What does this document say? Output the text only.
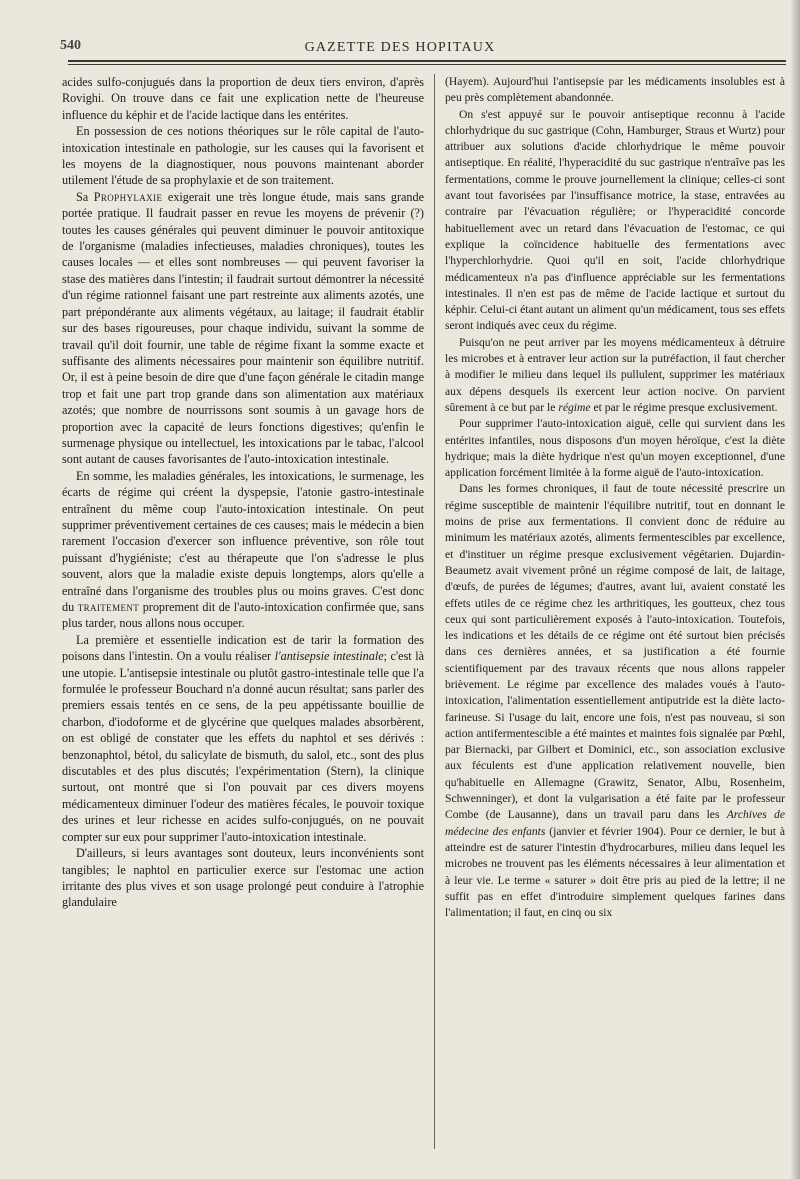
540	GAZETTE DES HOPITAUX

acides sulfo-conjugués dans la proportion de deux tiers environ, d'après Rovighi. On trouve dans ce fait une explication nette de l'heureuse influence du képhir et de l'acide lactique dans les entérites.

En possession de ces notions théoriques sur le rôle capital de l'auto-intoxication intestinale en pathologie, sur les causes qui la favorisent et les moyens de la diagnostiquer, nous pouvons maintenant aborder utilement l'étude de sa prophylaxie et de son traitement.

Sa Prophylaxie exigerait une très longue étude, mais sans grande portée pratique. Il faudrait passer en revue les moyens de prévenir (?) toutes les causes générales qui peuvent diminuer le pouvoir antitoxique de l'organisme (maladies infectieuses, maladies chroniques), toutes les causes locales — et elles sont nombreuses — qui peuvent favoriser la stase des matières dans l'intestin; il faudrait surtout démontrer la nécessité d'un régime rationnel faisant une part restreinte aux aliments azotés, une part prépondérante aux aliments végétaux, au laitage; il faudrait établir sur des bases rigoureuses, pour chaque individu, suivant la somme de travail qu'il doit fournir, une table de régime fixant la somme exacte et suffisante des aliments nécessaires pour maintenir son équilibre nutritif. Or, il est à peine besoin de dire que d'une façon générale le citadin mange trop et fait une part trop grande dans son alimentation aux matériaux azotés; que nombre de nourrissons sont soumis à un gavage hors de proportion avec la capacité de leurs fonctions digestives; qu'enfin le surmenage physique ou intellectuel, les intoxications par le tabac, l'alcool sont autant de causes favorisantes de l'auto-intoxication intestinale.

En somme, les maladies générales, les intoxications, le surmenage, les écarts de régime qui créent la dyspepsie, l'atonie gastro-intestinale entraînent du même coup l'auto-intoxication intestinale. On peut supprimer préventivement certaines de ces causes; mais le médecin a bien rarement l'occasion d'exercer son influence préventive, son rôle tout puissant d'hygiéniste; c'est au thérapeute que l'on s'adresse le plus souvent, alors que la maladie existe depuis longtemps, alors qu'elle a entraîné dans l'organisme des troubles plus ou moins graves. C'est donc du traitement proprement dit de l'auto-intoxication confirmée que, sans plus tarder, nous allons nous occuper.

La première et essentielle indication est de tarir la formation des poisons dans l'intestin. On a voulu réaliser l'antisepsie intestinale; c'est là une utopie. L'antisepsie intestinale ou plutôt gastro-intestinale telle que l'a formulée le professeur Bouchard n'a donné aucun résultat; sans parler des premiers essais tentés en ce sens, de la peu appétissante bouillie de charbon, d'iodoforme et de glycérine que quelques malades absorbèrent, on est obligé de constater que les effets du naphtol et ses dérivés : benzonaphtol, bétol, du salicylate de bismuth, du salol, etc., sont des plus discutables et des plus discutés; l'expérimentation (Stern), la clinique surtout, ont montré que si l'on pouvait par ces divers moyens médicamenteux diminuer l'odeur des matières fécales, le pouvoir toxique des urines et leur richesse en acides sulfo-conjugués, on ne pouvait compter sur eux pour supprimer l'auto-intoxication intestinale.

D'ailleurs, si leurs avantages sont douteux, leurs inconvénients sont tangibles; le naphtol en particulier exerce sur l'estomac une action irritante des plus vives et son usage prolongé peut conduire à l'atrophie glandulaire

(Hayem). Aujourd'hui l'antisepsie par les médicaments insolubles est à peu près complètement abandonnée.

On s'est appuyé sur le pouvoir antiseptique reconnu à l'acide chlorhydrique du suc gastrique (Cohn, Hamburger, Straus et Wurtz) pour attribuer aux solutions d'acide chlorhydrique le même pouvoir antiseptique. En réalité, l'hyperacidité du suc gastrique n'entraîve pas les fermentations, comme le prouve journellement la clinique; celles-ci sont avant tout favorisées par l'insuffisance motrice, la stase, entravées au contraire par l'évacuation régulière; or l'hyperacidité concorde habituellement avec un retard dans l'évacuation de l'estomac, ce qui explique la coïncidence habituelle des fermentations avec l'hyperchlorhydrie. Quoi qu'il en soit, l'acide chlorhydrique médicamenteux n'a pas d'influence appréciable sur les fermentations intestinales. Il n'en est pas de même de l'acide lactique et surtout du képhir. Celui-ci étant autant un aliment qu'un médicament, tous ses effets seront indiqués avec ceux du régime.

Puisqu'on ne peut arriver par les moyens médicamenteux à détruire les microbes et à entraver leur action sur la putréfaction, il faut chercher à modifier le milieu dans lequel ils pullulent, supprimer les matériaux aux dépens desquels ils exercent leur action nocive. On parvient sûrement à ce but par le régime et par le régime presque exclusivement.

Pour supprimer l'auto-intoxication aiguë, celle qui survient dans les entérites infantiles, nous disposons d'un moyen héroïque, c'est la diète hydrique; mais la diète hydrique n'est qu'un moyen exceptionnel, d'une application forcément limitée à la forme aiguë de l'auto-intoxication.

Dans les formes chroniques, il faut de toute nécessité prescrire un régime susceptible de maintenir l'équilibre nutritif, tout en donnant le moins de prise aux fermentations. Il convient donc de réduire au minimum les matériaux azotés, aliments fermentescibles par excellence, et d'instituer un régime presque exclusivement végétarien. Dujardin-Beaumetz avait vivement prôné un régime composé de lait, de laitage, d'œufs, de purées de légumes; d'autres, avant lui, avaient constaté les effets utiles de ce régime chez les arthritiques, les goutteux, chez tous ceux qui sont particulièrement exposés à l'auto-intoxication. Toutefois, les indications et les détails de ce régime ont été surtout bien précisés dans ces dernières années, et sa justification a été fournie scientifiquement par des travaux récents que nous allons rappeler brièvement. Le régime par excellence des malades voués à l'auto-intoxication, l'alimentation essentiellement antiputride est la diète lacto-farineuse. Si l'usage du lait, encore une fois, n'est pas nouveau, si son action antifermentescible a été maintes et maintes fois signalée par Pœhl, par Biernacki, par Gilbert et Dominici, etc., son association exclusive aux féculents est d'une application relativement nouvelle, bien qu'habituelle en Allemagne (Grawitz, Senator, Albu, Rosenheim, Schwenninger), et dont la vulgarisation a été faite par le professeur Combe (de Lausanne), dans un travail paru dans les Archives de médecine des enfants (janvier et février 1904). Pour ce dernier, le but à atteindre est de saturer l'intestin d'hydrocarbures, milieu dans lequel les microbes ne trouvent pas les éléments nécessaires à leur alimentation et à leur vie. Le terme « saturer » doit être pris au pied de la lettre; il ne suffit pas en effet d'introduire simplement quelques farines dans l'alimentation; il faut, en cinq ou six
